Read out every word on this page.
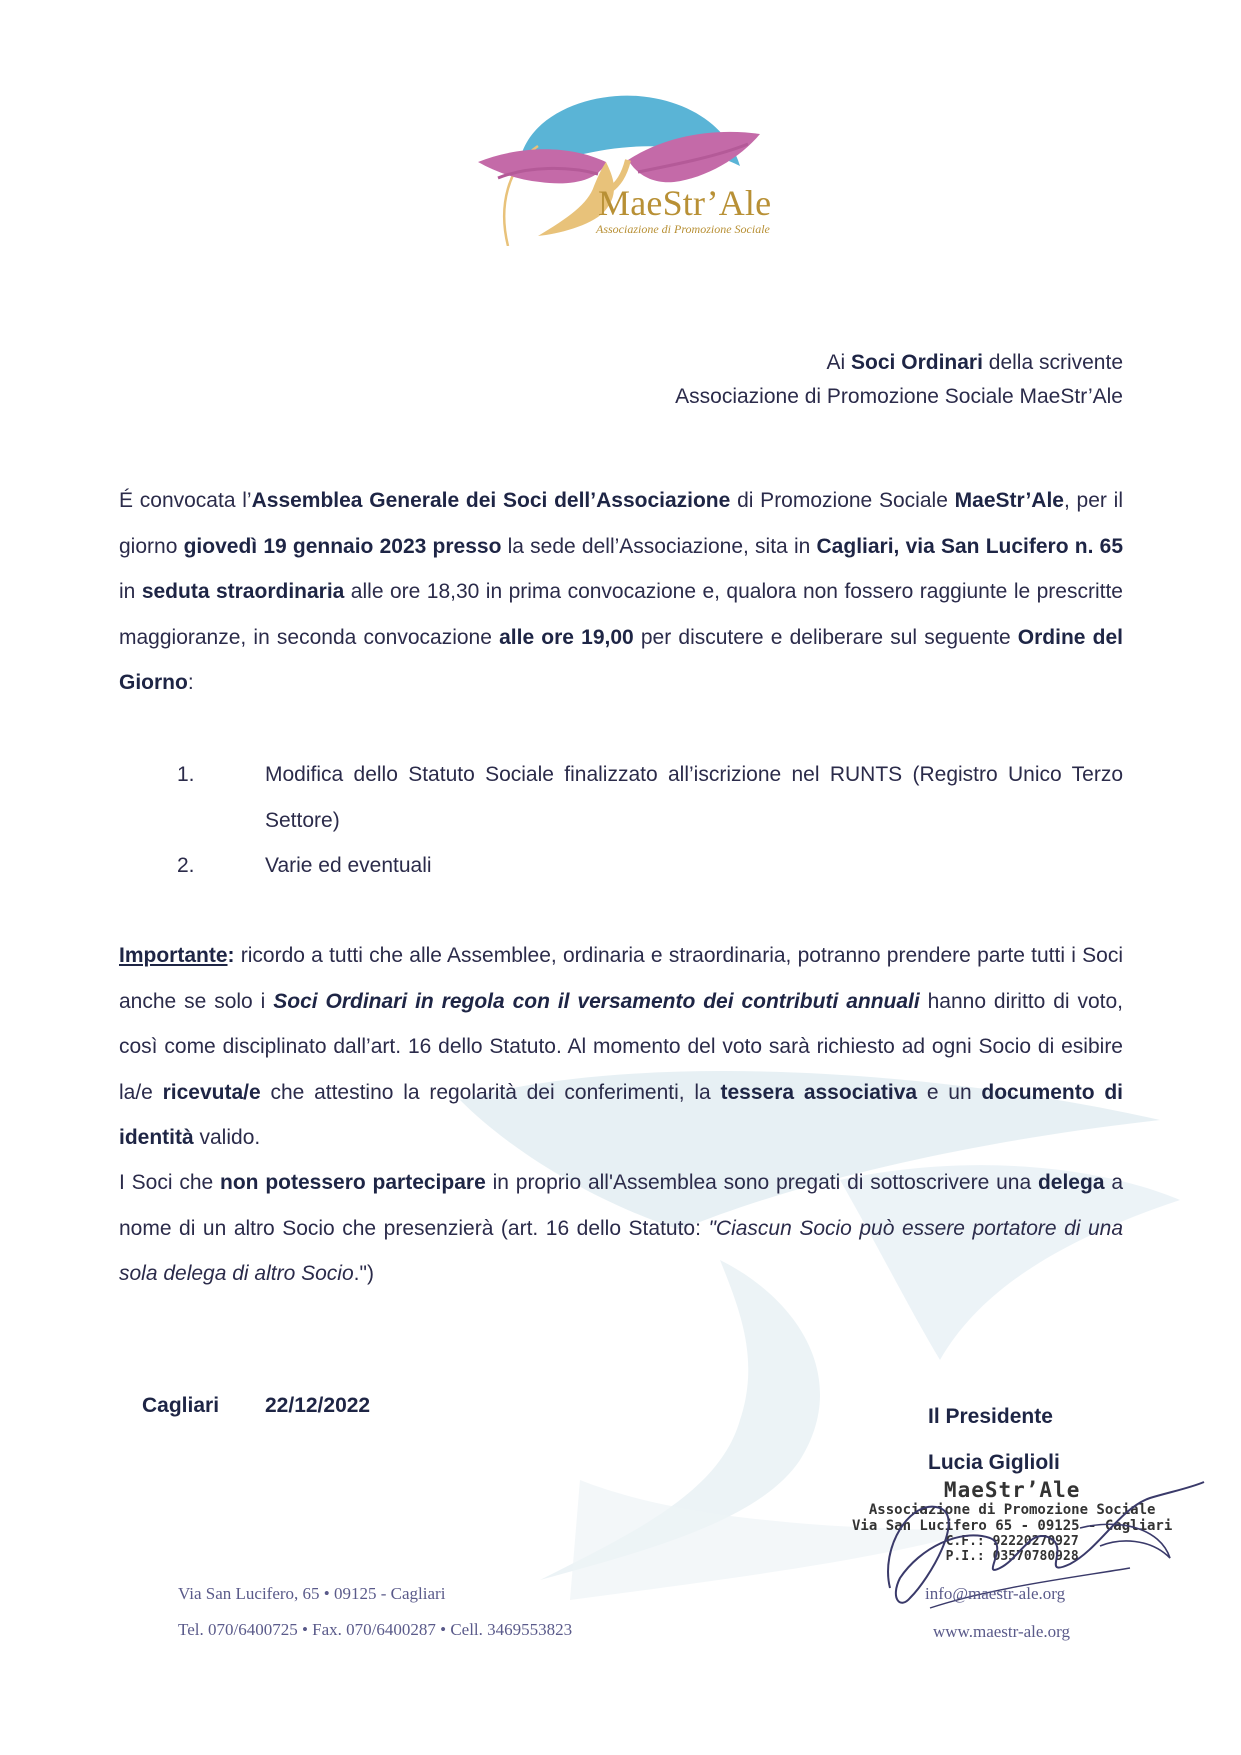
MaeStr’Ale
Associazione di Promozione Sociale
Ai Soci Ordinari della scrivente
Associazione di Promozione Sociale MaeStr’Ale
É convocata l’Assemblea Generale dei Soci dell’Associazione di Promozione Sociale MaeStr’Ale, per il giorno giovedì 19 gennaio 2023 presso la sede dell’Associazione, sita in Cagliari, via San Lucifero n. 65 in seduta straordinaria alle ore 18,30 in prima convocazione e, qualora non fossero raggiunte le prescritte maggioranze, in seconda convocazione alle ore 19,00 per discutere e deliberare sul seguente Ordine del Giorno:
1.	Modifica dello Statuto Sociale finalizzato all’iscrizione nel RUNTS (Registro Unico Terzo Settore)
2.	Varie ed eventuali
Importante: ricordo a tutti che alle Assemblee, ordinaria e straordinaria, potranno prendere parte tutti i Soci anche se solo i Soci Ordinari in regola con il versamento dei contributi annuali hanno diritto di voto, così come disciplinato dall’art. 16 dello Statuto. Al momento del voto sarà richiesto ad ogni Socio di esibire la/e ricevuta/e che attestino la regolarità dei conferimenti, la tessera associativa e un documento di identità valido.
I Soci che non potessero partecipare in proprio all'Assemblea sono pregati di sottoscrivere una delega a nome di un altro Socio che presenzierà (art. 16 dello Statuto: "Ciascun Socio può essere portatore di una sola delega di altro Socio.")
Cagliari 22/12/2022	Il Presidente
Lucia Giglioli
MaeStr’Ale
Associazione di Promozione Sociale
Via San Lucifero 65 - 09125 - Cagliari
C.F.: 92220270927
P.I.: 03570780928
Via San Lucifero, 65 • 09125 - Cagliari
Tel. 070/6400725 • Fax. 070/6400287 • Cell. 3469553823
info@maestr-ale.org
www.maestr-ale.org
